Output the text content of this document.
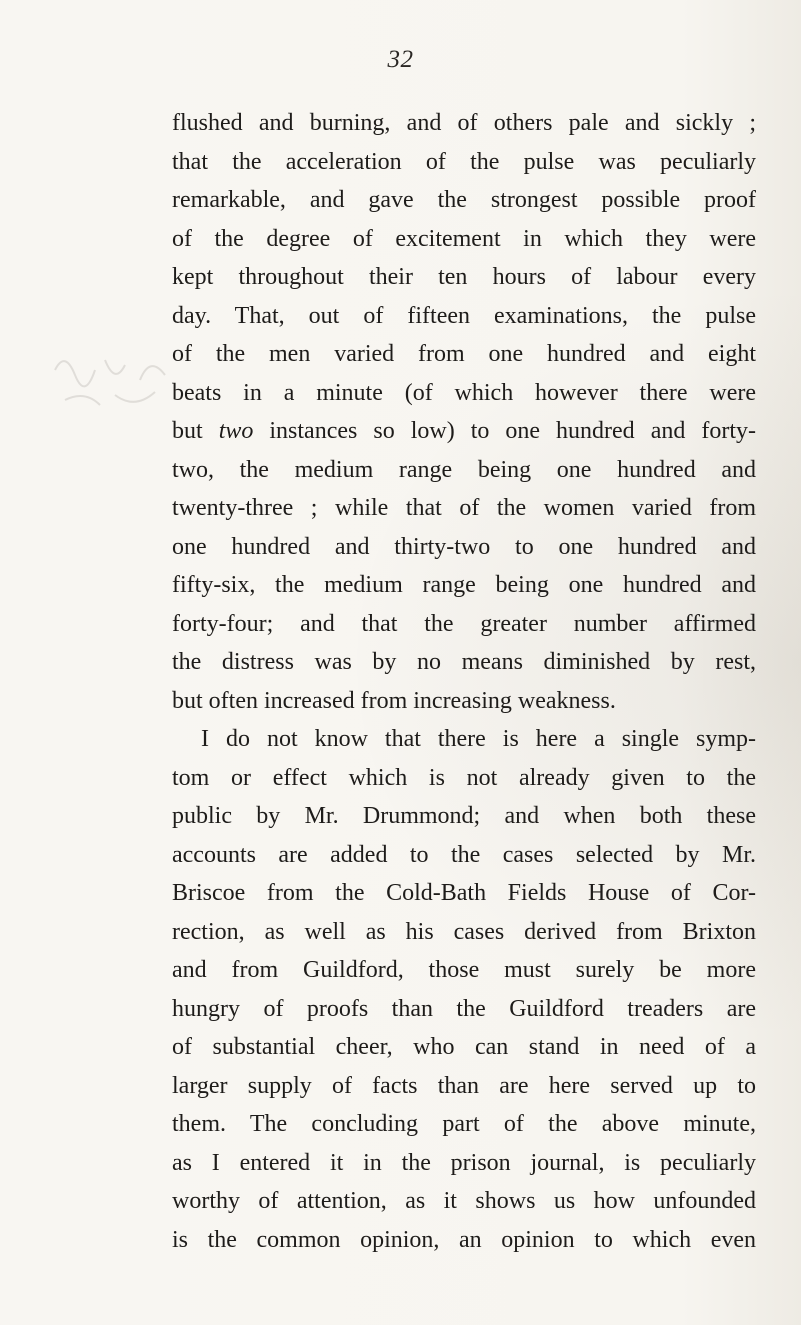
32
flushed and burning, and of others pale and sickly ;
that the acceleration of the pulse was peculiarly
remarkable, and gave the strongest possible proof
of the degree of excitement in which they were
kept throughout their ten hours of labour every
day. That, out of fifteen examinations, the pulse
of the men varied from one hundred and eight
beats in a minute (of which however there were
but two instances so low) to one hundred and forty-
two, the medium range being one hundred and
twenty-three ; while that of the women varied from
one hundred and thirty-two to one hundred and
fifty-six, the medium range being one hundred and
forty-four; and that the greater number affirmed
the distress was by no means diminished by rest,
but often increased from increasing weakness.
I do not know that there is here a single symp-
tom or effect which is not already given to the
public by Mr. Drummond; and when both these
accounts are added to the cases selected by Mr.
Briscoe from the Cold-Bath Fields House of Cor-
rection, as well as his cases derived from Brixton
and from Guildford, those must surely be more
hungry of proofs than the Guildford treaders are
of substantial cheer, who can stand in need of a
larger supply of facts than are here served up to
them. The concluding part of the above minute,
as I entered it in the prison journal, is peculiarly
worthy of attention, as it shows us how unfounded
is the common opinion, an opinion to which even
